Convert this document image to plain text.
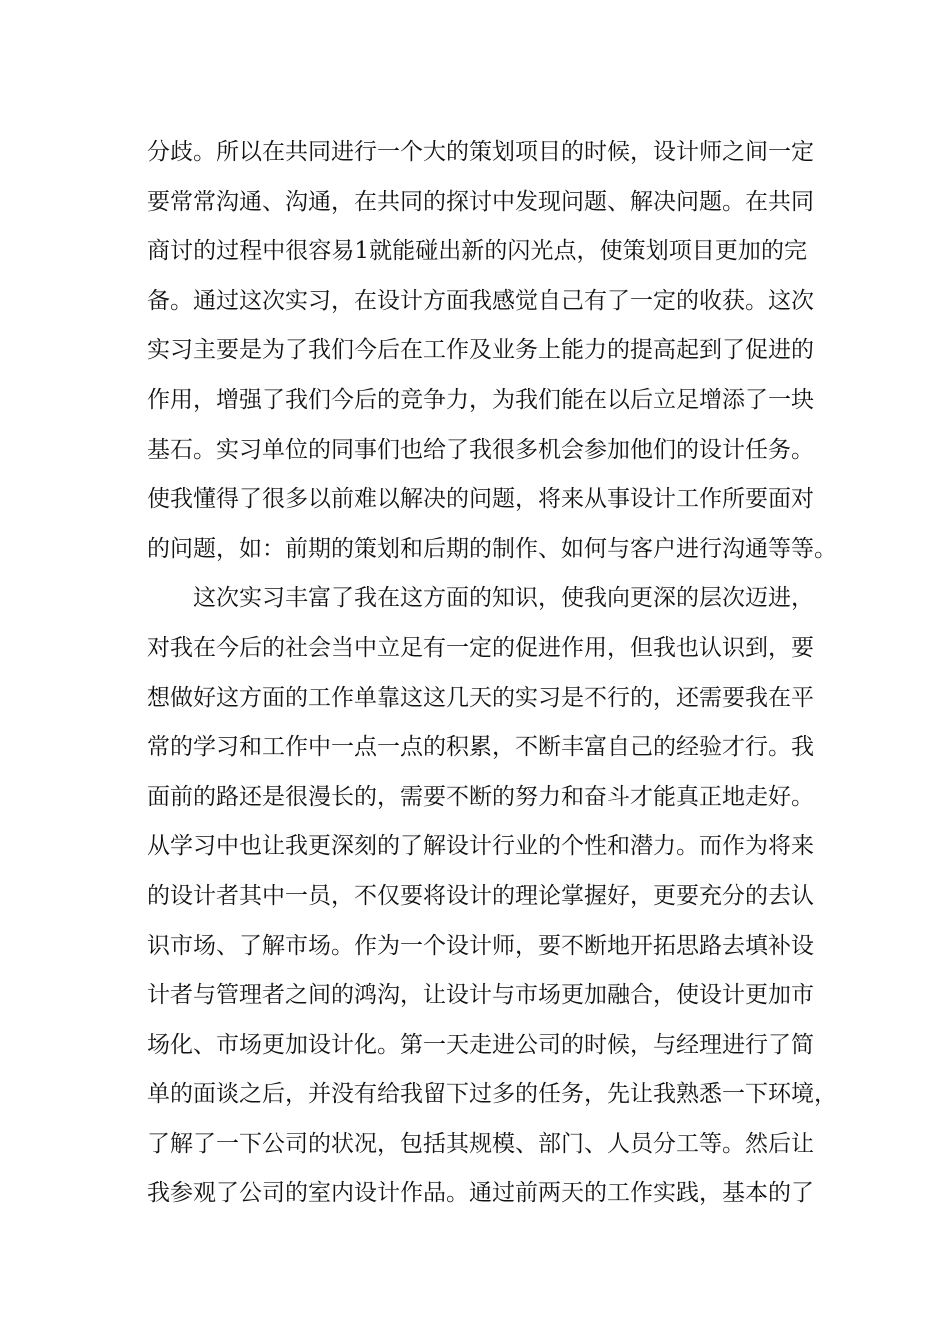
分歧。所以在共同进行一个大的策划项目的时候，设计师之间一定
要常常沟通、沟通，在共同的探讨中发现问题、解决问题。在共同
商讨的过程中很容易1就能碰出新的闪光点，使策划项目更加的完
备。通过这次实习，在设计方面我感觉自己有了一定的收获。这次
实习主要是为了我们今后在工作及业务上能力的提高起到了促进的
作用，增强了我们今后的竞争力，为我们能在以后立足增添了一块
基石。实习单位的同事们也给了我很多机会参加他们的设计任务。
使我懂得了很多以前难以解决的问题，将来从事设计工作所要面对
的问题，如：前期的策划和后期的制作、如何与客户进行沟通等等。
这次实习丰富了我在这方面的知识，使我向更深的层次迈进，
对我在今后的社会当中立足有一定的促进作用，但我也认识到，要
想做好这方面的工作单靠这这几天的实习是不行的，还需要我在平
常的学习和工作中一点一点的积累，不断丰富自己的经验才行。我
面前的路还是很漫长的，需要不断的努力和奋斗才能真正地走好。
从学习中也让我更深刻的了解设计行业的个性和潜力。而作为将来
的设计者其中一员，不仅要将设计的理论掌握好，更要充分的去认
识市场、了解市场。作为一个设计师，要不断地开拓思路去填补设
计者与管理者之间的鸿沟，让设计与市场更加融合，使设计更加市
场化、市场更加设计化。第一天走进公司的时候，与经理进行了简
单的面谈之后，并没有给我留下过多的任务，先让我熟悉一下环境，
了解了一下公司的状况，包括其规模、部门、人员分工等。然后让
我参观了公司的室内设计作品。通过前两天的工作实践，基本的了
